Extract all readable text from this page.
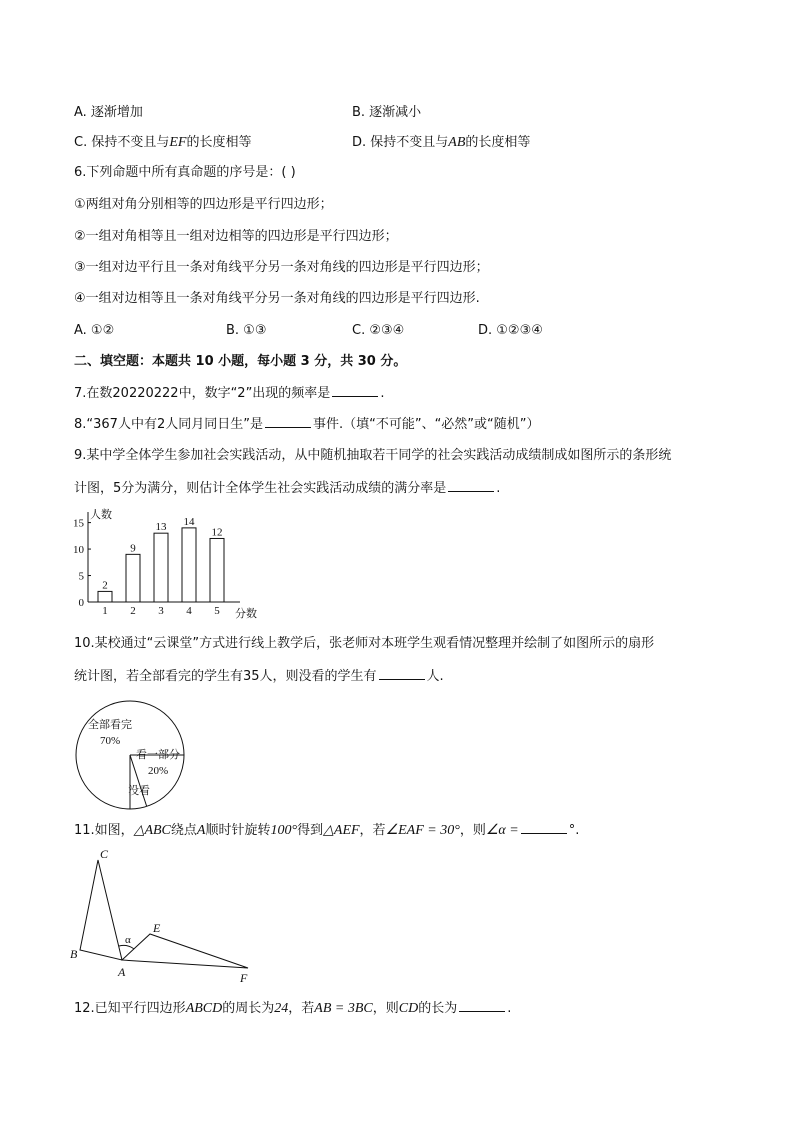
A. 逐渐增加	B. 逐渐减小
C. 保持不变且与EF的长度相等	D. 保持不变且与AB的长度相等
6.下列命题中所有真命题的序号是：( )
①两组对角分别相等的四边形是平行四边形；
②一组对角相等且一组对边相等的四边形是平行四边形；
③一组对边平行且一条对角线平分另一条对角线的四边形是平行四边形；
④一组对边相等且一条对角线平分另一条对角线的四边形是平行四边形.
A. ①②	B. ①③	C. ②③④	D. ①②③④
二、填空题：本题共 10 小题，每小题 3 分，共 30 分。
7.在数20220222中，数字“2”出现的频率是	.
8.“367人中有2人同月同日生”是	事件.（填“不可能”、“必然”或“随机”）
9.某中学全体学生参加社会实践活动，从中随机抽取若干同学的社会实践活动成绩制成如图所示的条形统
计图，5分为满分，则估计全体学生社会实践活动成绩的满分率是	.
人数
分数
0
5
10
15
2
1
9
2
13
3
14
4
12
5
10.某校通过“云课堂”方式进行线上教学后，张老师对本班学生观看情况整理并绘制了如图所示的扇形
统计图，若全部看完的学生有35人，则没看的学生有	人.
全部看完
70%
看一部分
20%
没看
11.如图，△ABC绕点A顺时针旋转100°得到△AEF，若∠EAF = 30°，则∠α =	°.
C
B
A
E
F
α
12.已知平行四边形ABCD的周长为24，若AB = 3BC，则CD的长为	.
